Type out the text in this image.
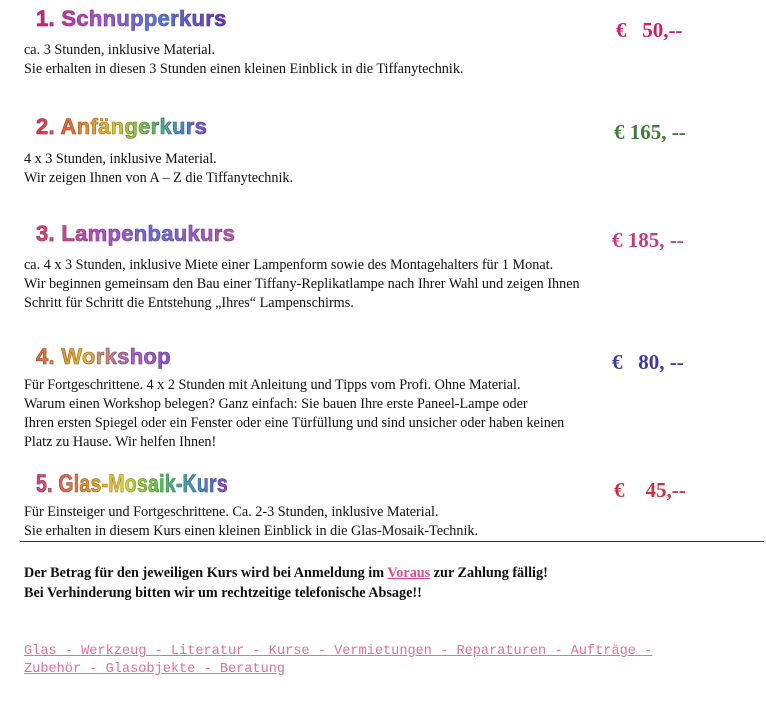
1. Schnupperkurs	€   50,--
ca. 3 Stunden, inklusive Material.
Sie erhalten in diesen 3 Stunden einen kleinen Einblick in die Tiffanytechnik.
2. Anfängerkurs	€ 165, --
4 x 3 Stunden, inklusive Material.
Wir zeigen Ihnen von A – Z die Tiffanytechnik.
3. Lampenbaukurs	€ 185, --
ca. 4 x 3 Stunden, inklusive Miete einer Lampenform sowie des Montagehalters für 1 Monat.
Wir beginnen gemeinsam den Bau einer Tiffany-Replikatlampe nach Ihrer Wahl und zeigen Ihnen
Schritt für Schritt die Entstehung „Ihres“ Lampenschirms.
4. Workshop	€   80, --
Für Fortgeschrittene. 4 x 2 Stunden mit Anleitung und Tipps vom Profi. Ohne Material.
Warum einen Workshop belegen? Ganz einfach: Sie bauen Ihre erste Paneel-Lampe oder
Ihren ersten Spiegel oder ein Fenster oder eine Türfüllung und sind unsicher oder haben keinen
Platz zu Hause. Wir helfen Ihnen!
5. Glas-Mosaik-Kurs	€    45,--
Für Einsteiger und Fortgeschrittene. Ca. 2-3 Stunden, inklusive Material.
Sie erhalten in diesem Kurs einen kleinen Einblick in die Glas-Mosaik-Technik.
Der Betrag für den jeweiligen Kurs wird bei Anmeldung im Voraus zur Zahlung fällig!
Bei Verhinderung bitten wir um rechtzeitige telefonische Absage!!
Glas - Werkzeug - Literatur - Kurse - Vermietungen - Reparaturen - Aufträge -
Zubehör - Glasobjekte - Beratung
